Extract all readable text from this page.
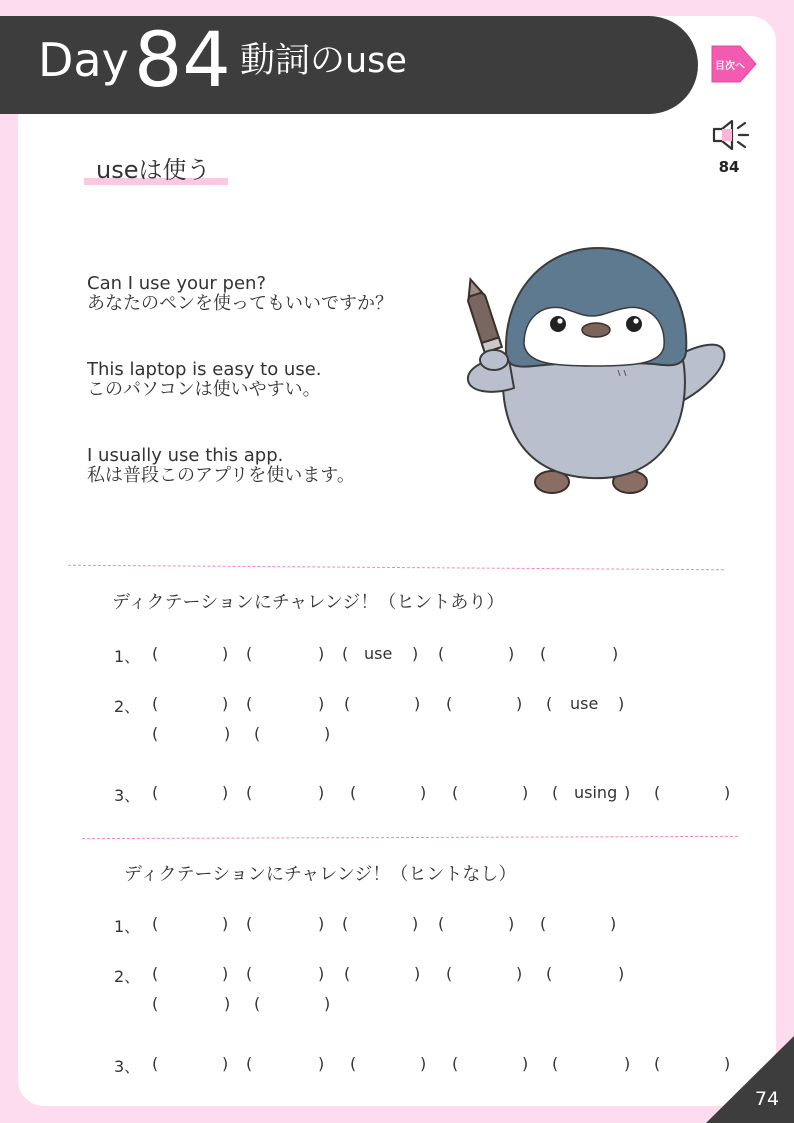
Day 84 動詞のuse	目次へ
84
useは使う
Can I use your pen?
あなたのペンを使ってもいいですか？
This laptop is easy to use.
このパソコンは使いやすい。
I usually use this app.
私は普段このアプリを使います。
ディクテーションにチャレンジ！（ヒントあり）
1、 (	) (	) ( use ) (	) (	)
2、 (	) (	) (	) (	) ( use )
(	) (	)
3、 (	) (	) (	) (	) ( using ) (	)
ディクテーションにチャレンジ！（ヒントなし）
1、 (	) (	) (	) (	) (	)
2、 (	) (	) (	) (	) (	)
(	) (	)
3、 (	) (	) (	) (	) (	) (	)
74
